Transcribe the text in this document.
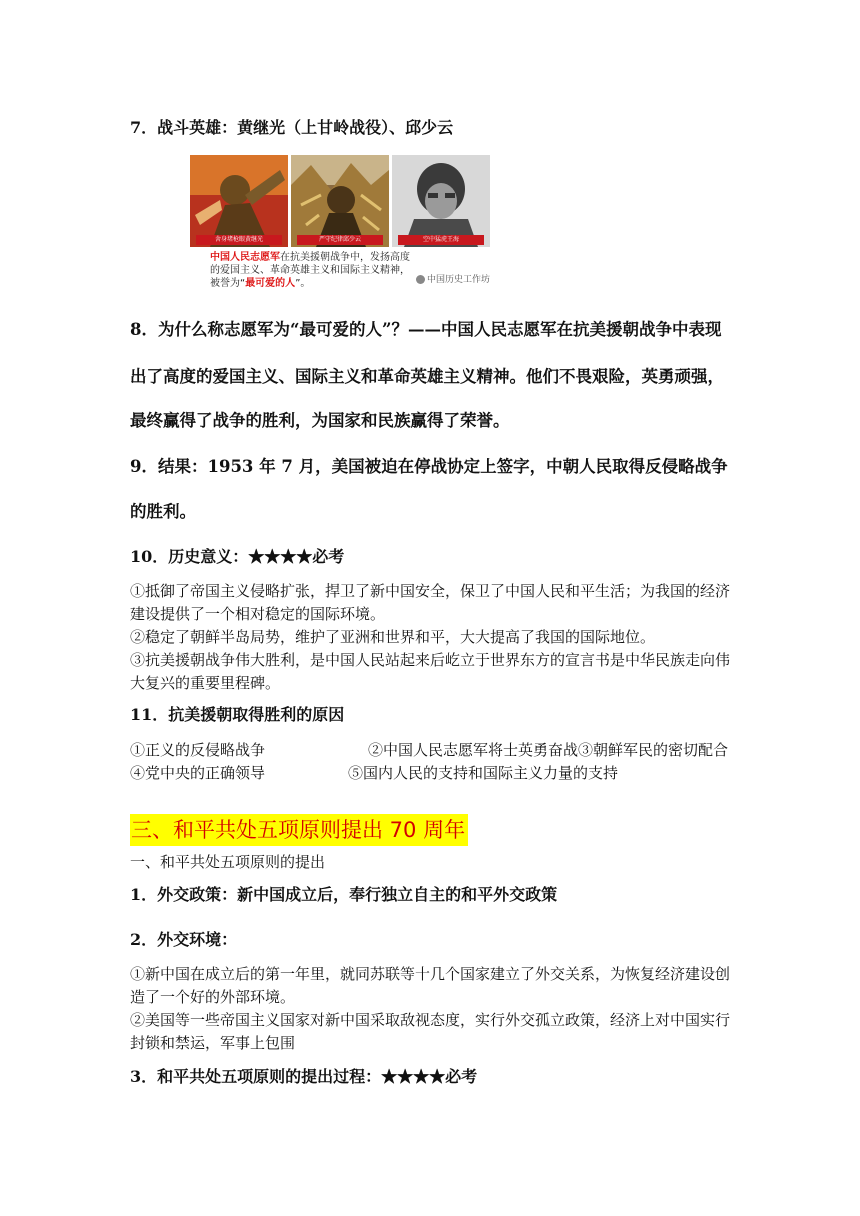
7．战斗英雄：黄继光（上甘岭战役）、邱少云

舍身堵枪眼黄继光	严守纪律邱少云	空中猛虎王海
中国人民志愿军在抗美援朝战争中，发扬高度
的爱国主义、革命英雄主义和国际主义精神，
被誉为“最可爱的人”。	中国历史工作坊

8．为什么称志愿军为“最可爱的人”？——中国人民志愿军在抗美援朝战争中表现

出了高度的爱国主义、国际主义和革命英雄主义精神。他们不畏艰险，英勇顽强，

最终赢得了战争的胜利，为国家和民族赢得了荣誉。

9．结果：1953 年 7 月，美国被迫在停战协定上签字，中朝人民取得反侵略战争

的胜利。

10．历史意义：★★★★必考

①抵御了帝国主义侵略扩张，捍卫了新中国安全，保卫了中国人民和平生活；为我国的经济建设提供了一个相对稳定的国际环境。

②稳定了朝鲜半岛局势，维护了亚洲和世界和平，大大提高了我国的国际地位。

③抗美援朝战争伟大胜利，是中国人民站起来后屹立于世界东方的宣言书是中华民族走向伟大复兴的重要里程碑。

11．抗美援朝取得胜利的原因

①正义的反侵略战争	②中国人民志愿军将士英勇奋战③朝鲜军民的密切配合
④党中央的正确领导	⑤国内人民的支持和国际主义力量的支持
三、和平共处五项原则提出 70 周年

一、和平共处五项原则的提出

1．外交政策：新中国成立后，奉行独立自主的和平外交政策

2．外交环境：

①新中国在成立后的第一年里，就同苏联等十几个国家建立了外交关系，为恢复经济建设创造了一个好的外部环境。

②美国等一些帝国主义国家对新中国采取敌视态度，实行外交孤立政策，经济上对中国实行封锁和禁运，军事上包围

3．和平共处五项原则的提出过程：★★★★必考
